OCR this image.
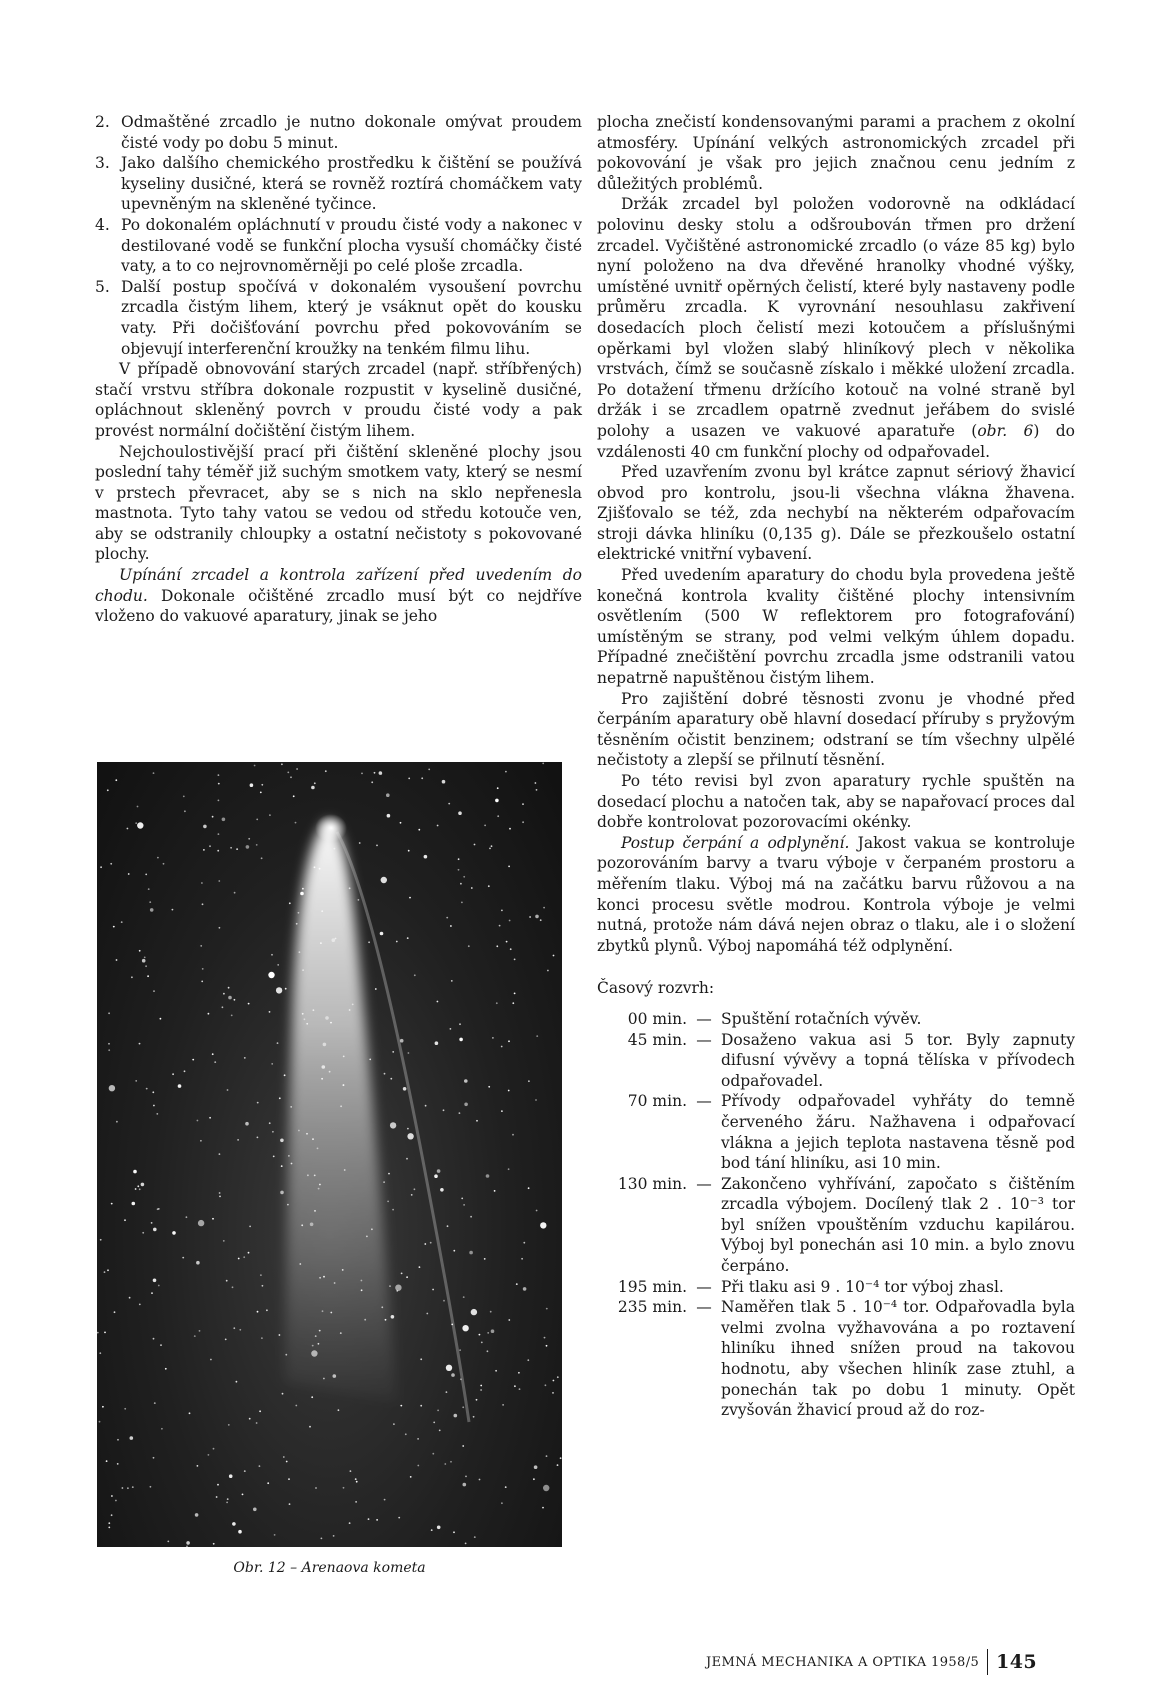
2. Odmaštěné zrcadlo je nutno dokonale omývat proudem čisté vody po dobu 5 minut.
3. Jako dalšího chemického prostředku k čištění se používá kyseliny dusičné, která se rovněž roztírá chomáčkem vaty upevněným na skleněné tyčince.
4. Po dokonalém opláchnutí v proudu čisté vody a nakonec v destilované vodě se funkční plocha vysuší chomáčky čisté vaty, a to co nejrovnoměrněji po celé ploše zrcadla.
5. Další postup spočívá v dokonalém vysoušení povrchu zrcadla čistým lihem, který je vsáknut opět do kousku vaty. Při dočišťování povrchu před pokovováním se objevují interferenční kroužky na tenkém filmu lihu.

V případě obnovování starých zrcadel (např. stříbřených) stačí vrstvu stříbra dokonale rozpustit v kyselině dusičné, opláchnout skleněný povrch v proudu čisté vody a pak provést normální dočištění čistým lihem.

Nejchoulostivější prací při čištění skleněné plochy jsou poslední tahy téměř již suchým smotkem vaty, který se nesmí v prstech převracet, aby se s nich na sklo nepřenesla mastnota. Tyto tahy vatou se vedou od středu kotouče ven, aby se odstranily chloupky a ostatní nečistoty s pokovované plochy.

Upínání zrcadel a kontrola zařízení před uvedením do chodu. Dokonale očištěné zrcadlo musí být co nejdříve vloženo do vakuové aparatury, jinak se jeho

Obr. 12 – Arenaova kometa

plocha znečistí kondensovanými parami a prachem z okolní atmosféry. Upínání velkých astronomických zrcadel při pokovování je však pro jejich značnou cenu jedním z důležitých problémů.

Držák zrcadel byl položen vodorovně na odkládací polovinu desky stolu a odšroubován třmen pro držení zrcadel. Vyčištěné astronomické zrcadlo (o váze 85 kg) bylo nyní položeno na dva dřevěné hranolky vhodné výšky, umístěné uvnitř opěrných čelistí, které byly nastaveny podle průměru zrcadla. K vyrovnání nesouhlasu zakřivení dosedacích ploch čelistí mezi kotoučem a příslušnými opěrkami byl vložen slabý hliníkový plech v několika vrstvách, čímž se současně získalo i měkké uložení zrcadla. Po dotažení třmenu držícího kotouč na volné straně byl držák i se zrcadlem opatrně zvednut jeřábem do svislé polohy a usazen ve vakuové aparatuře (obr. 6) do vzdálenosti 40 cm funkční plochy od odpařovadel.

Před uzavřením zvonu byl krátce zapnut sériový žhavicí obvod pro kontrolu, jsou-li všechna vlákna žhavena. Zjišťovalo se též, zda nechybí na některém odpařovacím stroji dávka hliníku (0,135 g). Dále se přezkoušelo ostatní elektrické vnitřní vybavení.

Před uvedením aparatury do chodu byla provedena ještě konečná kontrola kvality čištěné plochy intensivním osvětlením (500 W reflektorem pro fotografování) umístěným se strany, pod velmi velkým úhlem dopadu. Případné znečištění povrchu zrcadla jsme odstranili vatou nepatrně napuštěnou čistým lihem.

Pro zajištění dobré těsnosti zvonu je vhodné před čerpáním aparatury obě hlavní dosedací příruby s pryžovým těsněním očistit benzinem; odstraní se tím všechny ulpělé nečistoty a zlepší se přilnutí těsnění.

Po této revisi byl zvon aparatury rychle spuštěn na dosedací plochu a natočen tak, aby se napařovací proces dal dobře kontrolovat pozorovacími okénky.

Postup čerpání a odplynění. Jakost vakua se kontroluje pozorováním barvy a tvaru výboje v čerpaném prostoru a měřením tlaku. Výboj má na začátku barvu růžovou a na konci procesu světle modrou. Kontrola výboje je velmi nutná, protože nám dává nejen obraz o tlaku, ale i o složení zbytků plynů. Výboj napomáhá též odplynění.

Časový rozvrh:

00 min. — Spuštění rotačních vývěv.
45 min. — Dosaženo vakua asi 5 tor. Byly zapnuty difusní vývěvy a topná tělíska v přívodech odpařovadel.
70 min. — Přívody odpařovadel vyhřáty do temně červeného žáru. Nažhavena i odpařovací vlákna a jejich teplota nastavena těsně pod bod tání hliníku, asi 10 min.
130 min. — Zakončeno vyhřívání, započato s čištěním zrcadla výbojem. Docílený tlak 2 . 10⁻³ tor byl snížen vpouštěním vzduchu kapilárou. Výboj byl ponechán asi 10 min. a bylo znovu čerpáno.
195 min. — Při tlaku asi 9 . 10⁻⁴ tor výboj zhasl.
235 min. — Naměřen tlak 5 . 10⁻⁴ tor. Odpařovadla byla velmi zvolna vyžhavována a po roztavení hliníku ihned snížen proud na takovou hodnotu, aby všechen hliník zase ztuhl, a ponechán tak po dobu 1 minuty. Opět zvyšován žhavicí proud až do roz-
JEMNÁ MECHANIKA A OPTIKA 1958/5 145
